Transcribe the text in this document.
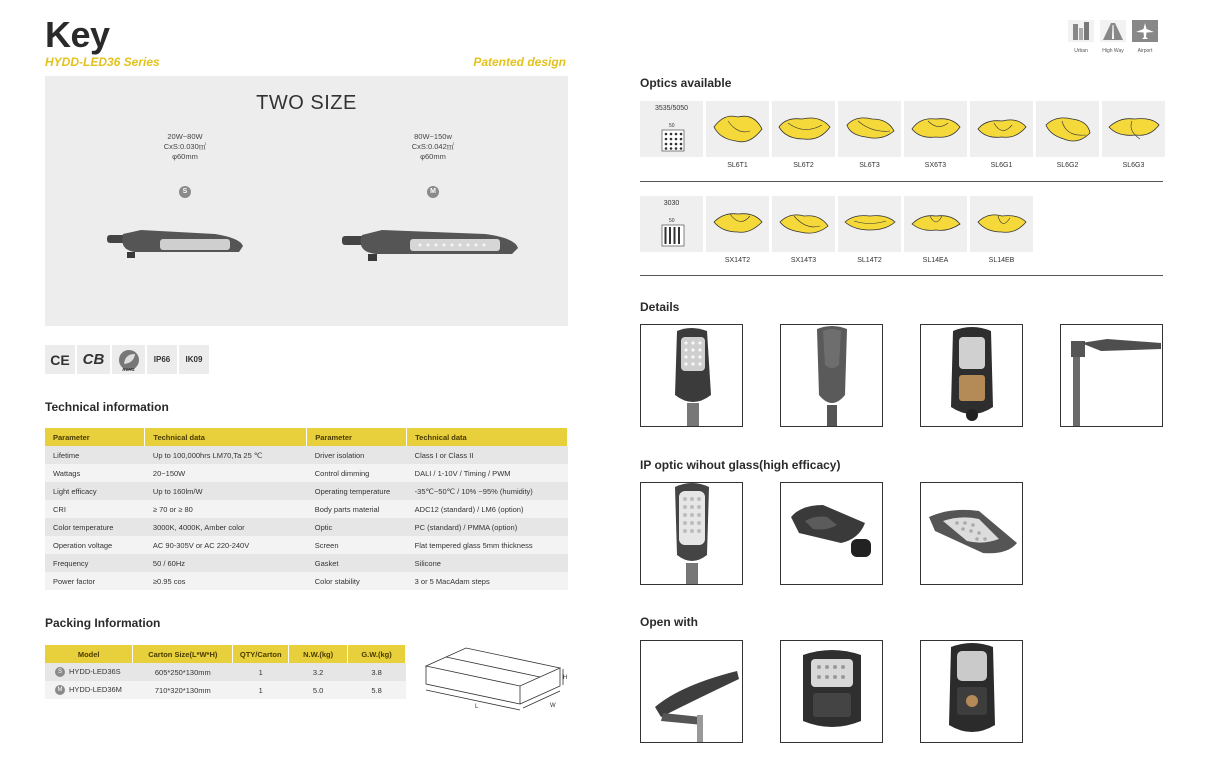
Key
HYDD-LED36 Series	Patented design
TWO SIZE
20W~80W
CxS:0.030㎡
φ60mm
S
80W~150w
CxS:0.042㎡
φ60mm
M
CE CB
RoHS
IP66	IK09
Technical information
Parameter	Technical data	Parameter	Technical data
Lifetime	Up to 100,000hrs LM70,Ta 25 ℃	Driver isolation	Class I or Class II
Wattags	20~150W	Control dimming	DALI / 1-10V / Timing / PWM
Light efficacy	Up to 160lm/W	Operating temperature	-35℃~50℃ / 10% ~95% (humidity)
CRI	≥ 70 or ≥ 80	Body parts material	ADC12 (standard) / LM6 (option)
Color temperature	3000K, 4000K, Amber color	Optic	PC (standard) / PMMA (option)
Operation voltage	AC 90-305V or AC 220-240V	Screen	Flat tempered glass 5mm thickness
Frequency	50 / 60Hz	Gasket	Silicone
Power factor	≥0.95 cos	Color stability	3 or 5 MacAdam steps
Packing Information
Model	Carton Size(L*W*H)	QTY/Carton	N.W.(kg)	G.W.(kg)
S HYDD-LED36S	605*250*130mm	1	3.2	3.8
M HYDD-LED36M	710*320*130mm	1	5.0	5.8
H
L	W
Urban	High Way	Airport
Optics available
3535/5050
50
SL6T1	SL6T2	SL6T3	SX6T3	SL6G1	SL6G2	SL6G3
3030
50
SX14T2	SX14T3	SL14T2	SL14EA	SL14EB
Details
IP optic wihout glass(high efficacy)
Open with
